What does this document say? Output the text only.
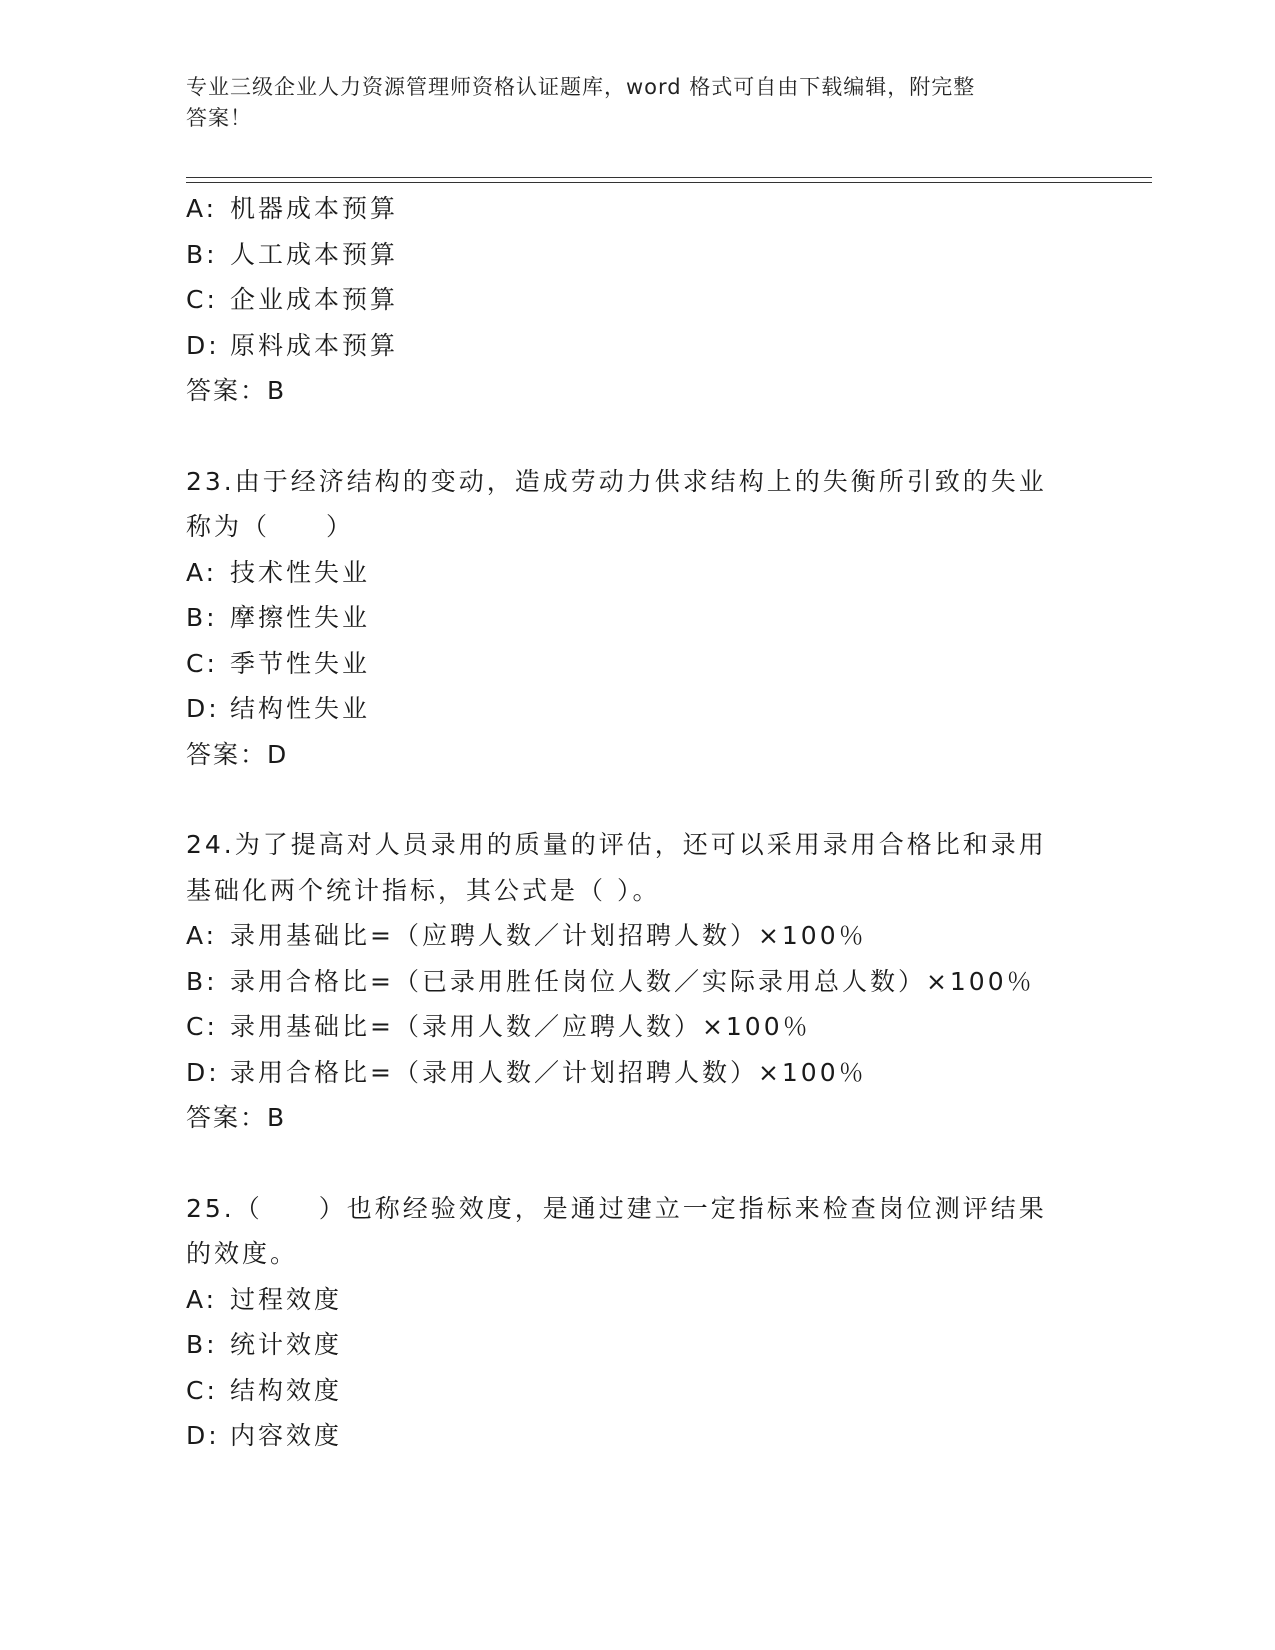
专业三级企业人力资源管理师资格认证题库，word 格式可自由下载编辑，附完整
答案！
A: 机器成本预算
B: 人工成本预算
C: 企业成本预算
D: 原料成本预算
答案：B
23.由于经济结构的变动，造成劳动力供求结构上的失衡所引致的失业
称为（　　）
A: 技术性失业
B: 摩擦性失业
C: 季节性失业
D: 结构性失业
答案：D
24.为了提高对人员录用的质量的评估，还可以采用录用合格比和录用
基础化两个统计指标，其公式是（ ）。
A: 录用基础比=（应聘人数／计划招聘人数）×100％
B: 录用合格比=（已录用胜任岗位人数／实际录用总人数）×100％
C: 录用基础比=（录用人数／应聘人数）×100％
D: 录用合格比=（录用人数／计划招聘人数）×100％
答案：B
25.（　　）也称经验效度，是通过建立一定指标来检查岗位测评结果
的效度。
A: 过程效度
B: 统计效度
C: 结构效度
D: 内容效度
